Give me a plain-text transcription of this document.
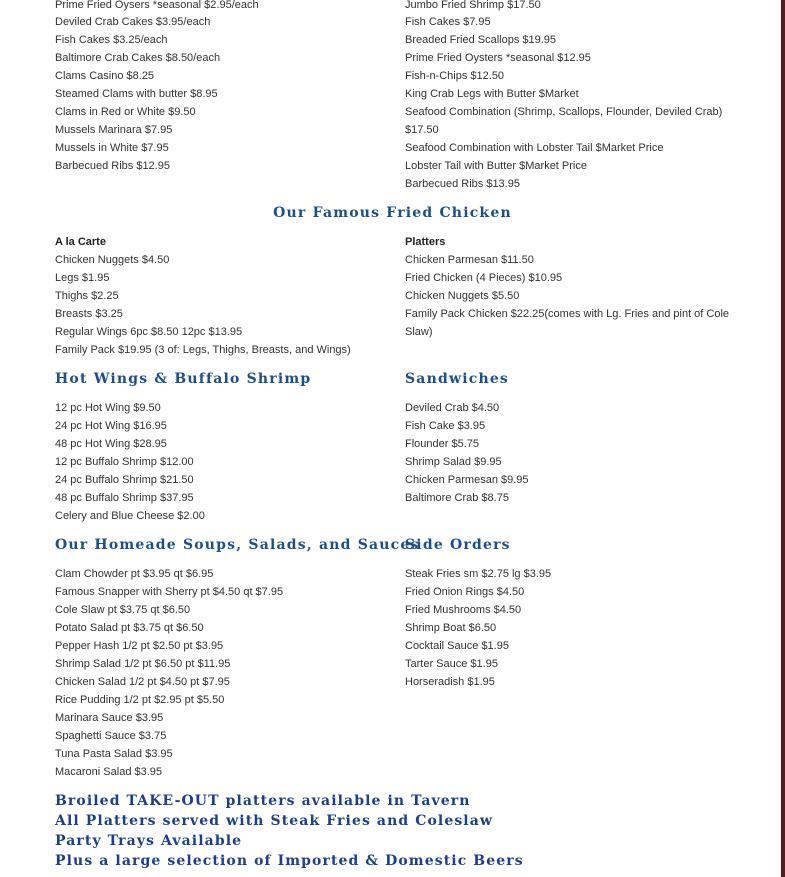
Prime Fried Oysers *seasonal $2.95/each
Deviled Crab Cakes $3.95/each
Fish Cakes $3.25/each
Baltimore Crab Cakes $8.50/each
Clams Casino $8.25
Steamed Clams with butter $8.95
Clams in Red or White $9.50
Mussels Marinara $7.95
Mussels in White $7.95
Barbecued Ribs $12.95
Jumbo Fried Shrimp $17.50
Fish Cakes $7.95
Breaded Fried Scallops $19.95
Prime Fried Oysters *seasonal $12.95
Fish-n-Chips $12.50
King Crab Legs with Butter $Market
Seafood Combination (Shrimp, Scallops, Flounder, Deviled Crab) $17.50
Seafood Combination with Lobster Tail $Market Price
Lobster Tail with Butter $Market Price
Barbecued Ribs $13.95
Our Famous Fried Chicken
A la Carte
Chicken Nuggets $4.50
Legs $1.95
Thighs $2.25
Breasts $3.25
Regular Wings 6pc $8.50 12pc $13.95
Family Pack $19.95 (3 of: Legs, Thighs, Breasts, and Wings)
Platters
Chicken Parmesan $11.50
Fried Chicken (4 Pieces) $10.95
Chicken Nuggets $5.50
Family Pack Chicken $22.25(comes with Lg. Fries and pint of Cole Slaw)
Hot Wings & Buffalo Shrimp
12 pc Hot Wing $9.50
24 pc Hot Wing $16.95
48 pc Hot Wing $28.95
12 pc Buffalo Shrimp $12.00
24 pc Buffalo Shrimp $21.50
48 pc Buffalo Shrimp $37.95
Celery and Blue Cheese $2.00
Sandwiches
Deviled Crab $4.50
Fish Cake $3.95
Flounder $5.75
Shrimp Salad $9.95
Chicken Parmesan $9.95
Baltimore Crab $8.75
Our Homeade Soups, Salads, and Sauces
Clam Chowder pt $3.95 qt $6.95
Famous Snapper with Sherry pt $4.50 qt $7.95
Cole Slaw pt $3.75 qt $6.50
Potato Salad pt $3.75 qt $6.50
Pepper Hash 1/2 pt $2.50 pt $3.95
Shrimp Salad 1/2 pt $6.50 pt $11.95
Chicken Salad 1/2 pt $4.50 pt $7.95
Rice Pudding 1/2 pt $2.95 pt $5.50
Marinara Sauce $3.95
Spaghetti Sauce $3.75
Tuna Pasta Salad $3.95
Macaroni Salad $3.95
Side Orders
Steak Fries sm $2.75 lg $3.95
Fried Onion Rings $4.50
Fried Mushrooms $4.50
Shrimp Boat $6.50
Cocktail Sauce $1.95
Tarter Sauce $1.95
Horseradish $1.95
Broiled TAKE-OUT platters available in Tavern
All Platters served with Steak Fries and Coleslaw
Party Trays Available
Plus a large selection of Imported & Domestic Beers
